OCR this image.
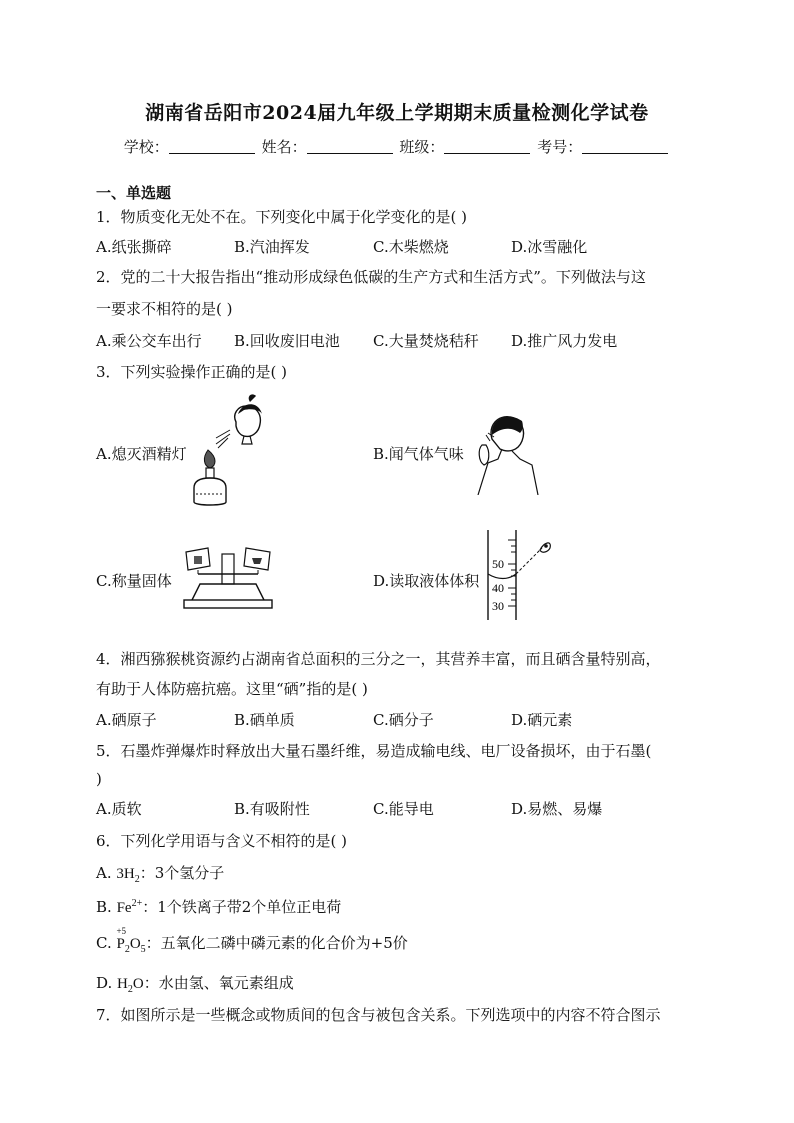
湖南省岳阳市2024届九年级上学期期末质量检测化学试卷
学校：	姓名：	班级：	考号：
一、单选题
1．物质变化无处不在。下列变化中属于化学变化的是( )
A.纸张撕碎	B.汽油挥发	C.木柴燃烧	D.冰雪融化
2．党的二十大报告指出“推动形成绿色低碳的生产方式和生活方式”。下列做法与这
一要求不相符的是( )
A.乘公交车出行 B.回收废旧电池 C.大量焚烧秸秆 D.推广风力发电
3．下列实验操作正确的是( )
A.熄灭酒精灯	B.闻气体气味
C.称量固体	D.读取液体体积
50
40
30
4．湘西猕猴桃资源约占湖南省总面积的三分之一，其营养丰富，而且硒含量特别高，
有助于人体防癌抗癌。这里“硒”指的是( )
A.硒原子	B.硒单质	C.硒分子	D.硒元素
5．石墨炸弹爆炸时释放出大量石墨纤维，易造成输电线、电厂设备损坏，由于石墨(
)
A.质软	B.有吸附性	C.能导电	D.易燃、易爆
6．下列化学用语与含义不相符的是( )
A. $3H_2$：3个氢分子
B. $Fe^{2+}$：1个铁离子带2个单位正电荷
C.
+5
$P_2O_5$：五氧化二磷中磷元素的化合价为+5价
D. $H_2O$：水由氢、氧元素组成
7．如图所示是一些概念或物质间的包含与被包含关系。下列选项中的内容不符合图示
